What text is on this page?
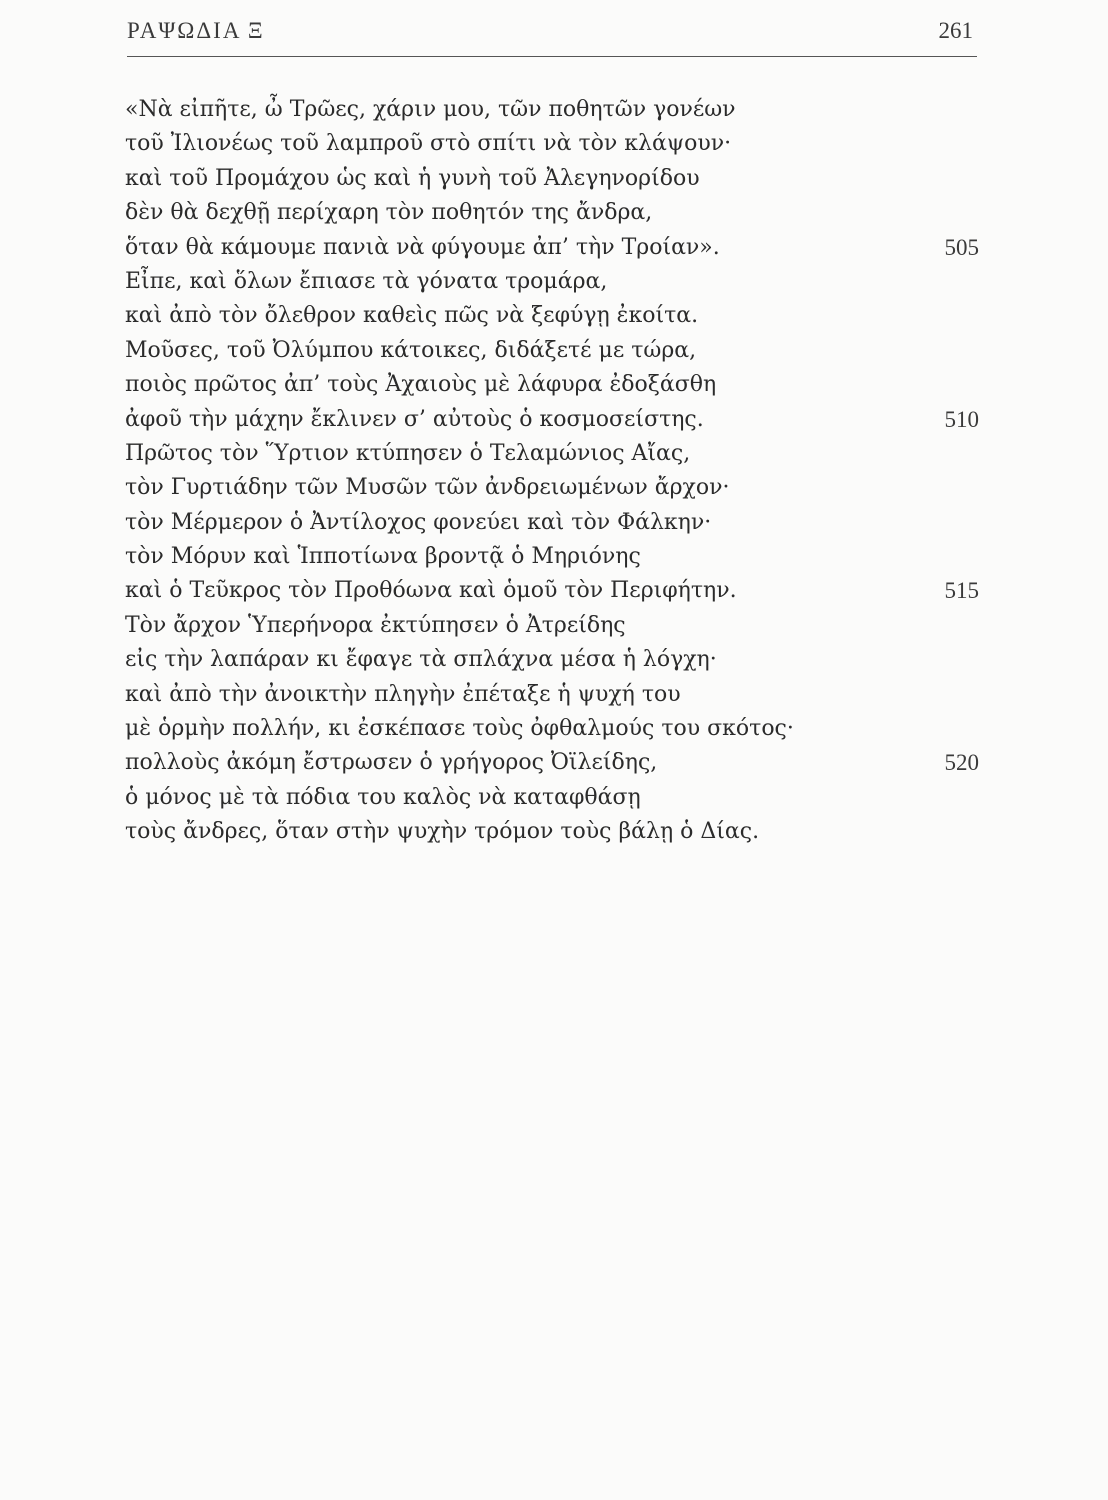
ΡΑΨΩΔΙΑ Ξ	261
«Νὰ εἰπῆτε, ὦ Τρῶες, χάριν μου, τῶν ποθητῶν γονέων
τοῦ Ἰλιονέως τοῦ λαμπροῦ στὸ σπίτι νὰ τὸν κλάψουν·
καὶ τοῦ Προμάχου ὡς καὶ ἡ γυνὴ τοῦ Ἀλεγηνορίδου
δὲν θὰ δεχθῇ περίχαρη τὸν ποθητόν της ἄνδρα,
ὅταν θὰ κάμουμε πανιὰ νὰ φύγουμε ἀπ’ τὴν Τροίαν».	505
Εἶπε, καὶ ὅλων ἔπιασε τὰ γόνατα τρομάρα,
καὶ ἀπὸ τὸν ὄλεθρον καθεὶς πῶς νὰ ξεφύγῃ ἐκοίτα.
Μοῦσες, τοῦ Ὀλύμπου κάτοικες, διδάξετέ με τώρα,
ποιὸς πρῶτος ἀπ’ τοὺς Ἀχαιοὺς μὲ λάφυρα ἐδοξάσθη
ἀφοῦ τὴν μάχην ἔκλινεν σ’ αὐτοὺς ὁ κοσμοσείστης.	510
Πρῶτος τὸν Ὕρτιον κτύπησεν ὁ Τελαμώνιος Αἴας,
τὸν Γυρτιάδην τῶν Μυσῶν τῶν ἀνδρειωμένων ἄρχον·
τὸν Μέρμερον ὁ Ἀντίλοχος φονεύει καὶ τὸν Φάλκην·
τὸν Μόρυν καὶ Ἱπποτίωνα βροντᾷ ὁ Μηριόνης
καὶ ὁ Τεῦκρος τὸν Προθόωνα καὶ ὁμοῦ τὸν Περιφήτην.	515
Τὸν ἄρχον Ὑπερήνορα ἐκτύπησεν ὁ Ἀτρείδης
εἰς τὴν λαπάραν κι ἔφαγε τὰ σπλάχνα μέσα ἡ λόγχη·
καὶ ἀπὸ τὴν ἀνοικτὴν πληγὴν ἐπέταξε ἡ ψυχή του
μὲ ὁρμὴν πολλήν, κι ἐσκέπασε τοὺς ὀφθαλμούς του σκότος·
πολλοὺς ἀκόμη ἔστρωσεν ὁ γρήγορος Ὀϊλείδης,	520
ὁ μόνος μὲ τὰ πόδια του καλὸς νὰ καταφθάσῃ
τοὺς ἄνδρες, ὅταν στὴν ψυχὴν τρόμον τοὺς βάλῃ ὁ Δίας.
